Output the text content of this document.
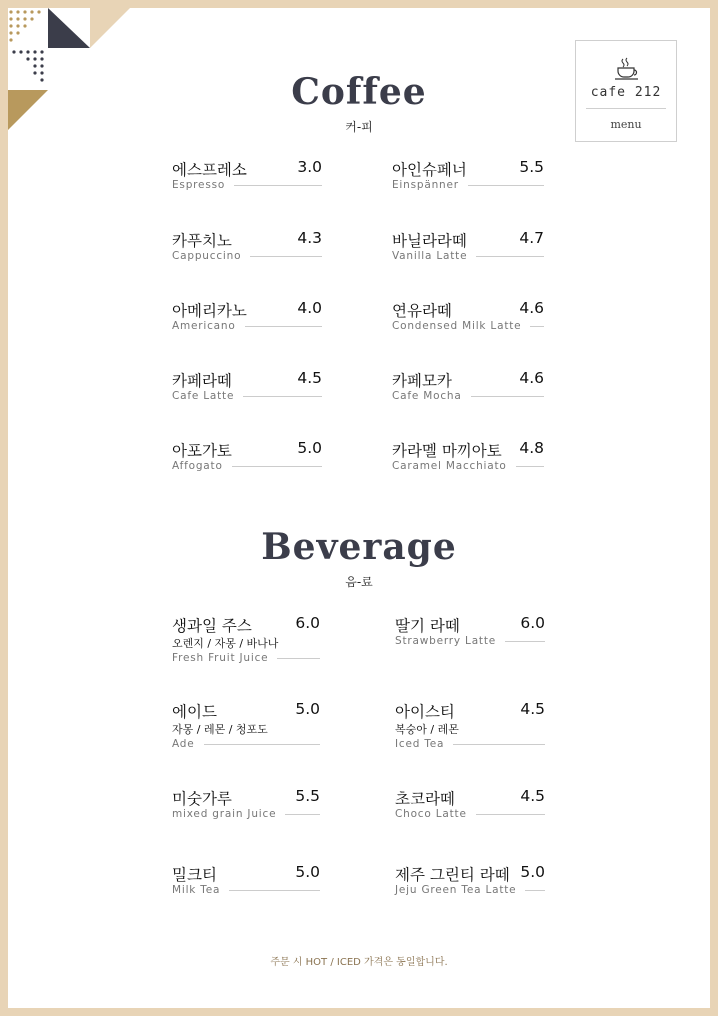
cafe 212
menu
Coffee
커-피
에스프레소	3.0
Espresso
아인슈페너	5.5
Einspänner
카푸치노	4.3
Cappuccino
바닐라라떼	4.7
Vanilla Latte
아메리카노	4.0
Americano
연유라떼	4.6
Condensed Milk Latte
카페라떼	4.5
Cafe Latte
카페모카	4.6
Cafe Mocha
아포가토	5.0
Affogato
카라멜 마끼아토 4.8
Caramel Macchiato
Beverage
음-료
생과일 주스	6.0
오렌지 / 자몽 / 바나나
Fresh Fruit Juice
딸기 라떼	6.0
Strawberry Latte
에이드	5.0
자몽 / 레몬 / 청포도
Ade
아이스티	4.5
복숭아 / 레몬
Iced Tea
미숫가루	5.5
mixed grain Juice
초코라떼	4.5
Choco Latte
밀크티	5.0
Milk Tea
제주 그린티 라떼 5.0
Jeju Green Tea Latte
주문 시 HOT / ICED 가격은 동일합니다.
